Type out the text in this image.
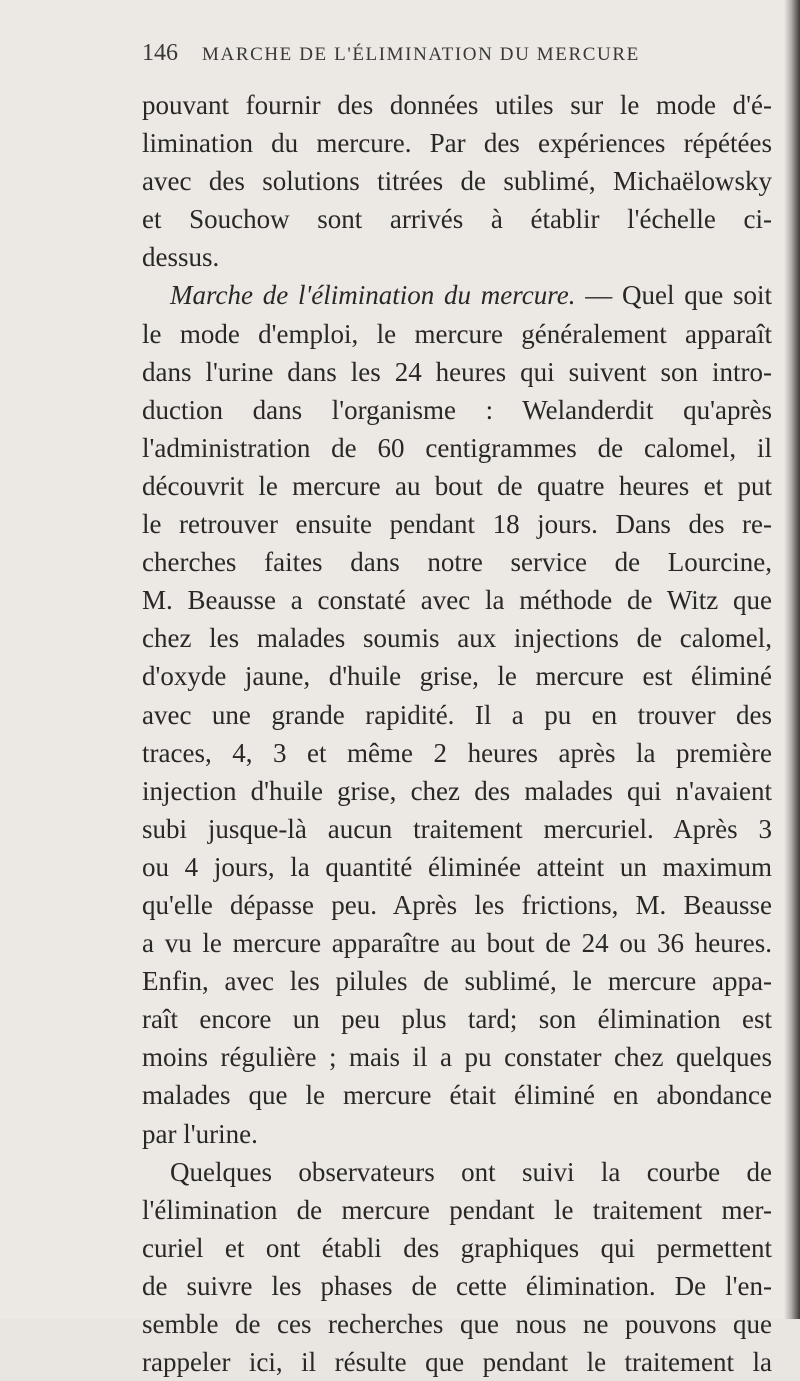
146 MARCHE DE L'ÉLIMINATION DU MERCURE
pouvant fournir des données utiles sur le mode d'é-
limination du mercure. Par des expériences répétées
avec des solutions titrées de sublimé, Michaëlowsky
et Souchow sont arrivés à établir l'échelle ci-
dessus.
Marche de l'élimination du mercure. — Quel que soit
le mode d'emploi, le mercure généralement apparaît
dans l'urine dans les 24 heures qui suivent son intro-
duction dans l'organisme : Welanderdit qu'après
l'administration de 60 centigrammes de calomel, il
découvrit le mercure au bout de quatre heures et put
le retrouver ensuite pendant 18 jours. Dans des re-
cherches faites dans notre service de Lourcine,
M. Beausse a constaté avec la méthode de Witz que
chez les malades soumis aux injections de calomel,
d'oxyde jaune, d'huile grise, le mercure est éliminé
avec une grande rapidité. Il a pu en trouver des
traces, 4, 3 et même 2 heures après la première
injection d'huile grise, chez des malades qui n'avaient
subi jusque-là aucun traitement mercuriel. Après 3
ou 4 jours, la quantité éliminée atteint un maximum
qu'elle dépasse peu. Après les frictions, M. Beausse
a vu le mercure apparaître au bout de 24 ou 36 heures.
Enfin, avec les pilules de sublimé, le mercure appa-
raît encore un peu plus tard; son élimination est
moins régulière ; mais il a pu constater chez quelques
malades que le mercure était éliminé en abondance
par l'urine.
Quelques observateurs ont suivi la courbe de
l'élimination de mercure pendant le traitement mer-
curiel et ont établi des graphiques qui permettent
de suivre les phases de cette élimination. De l'en-
semble de ces recherches que nous ne pouvons que
rappeler ici, il résulte que pendant le traitement la
